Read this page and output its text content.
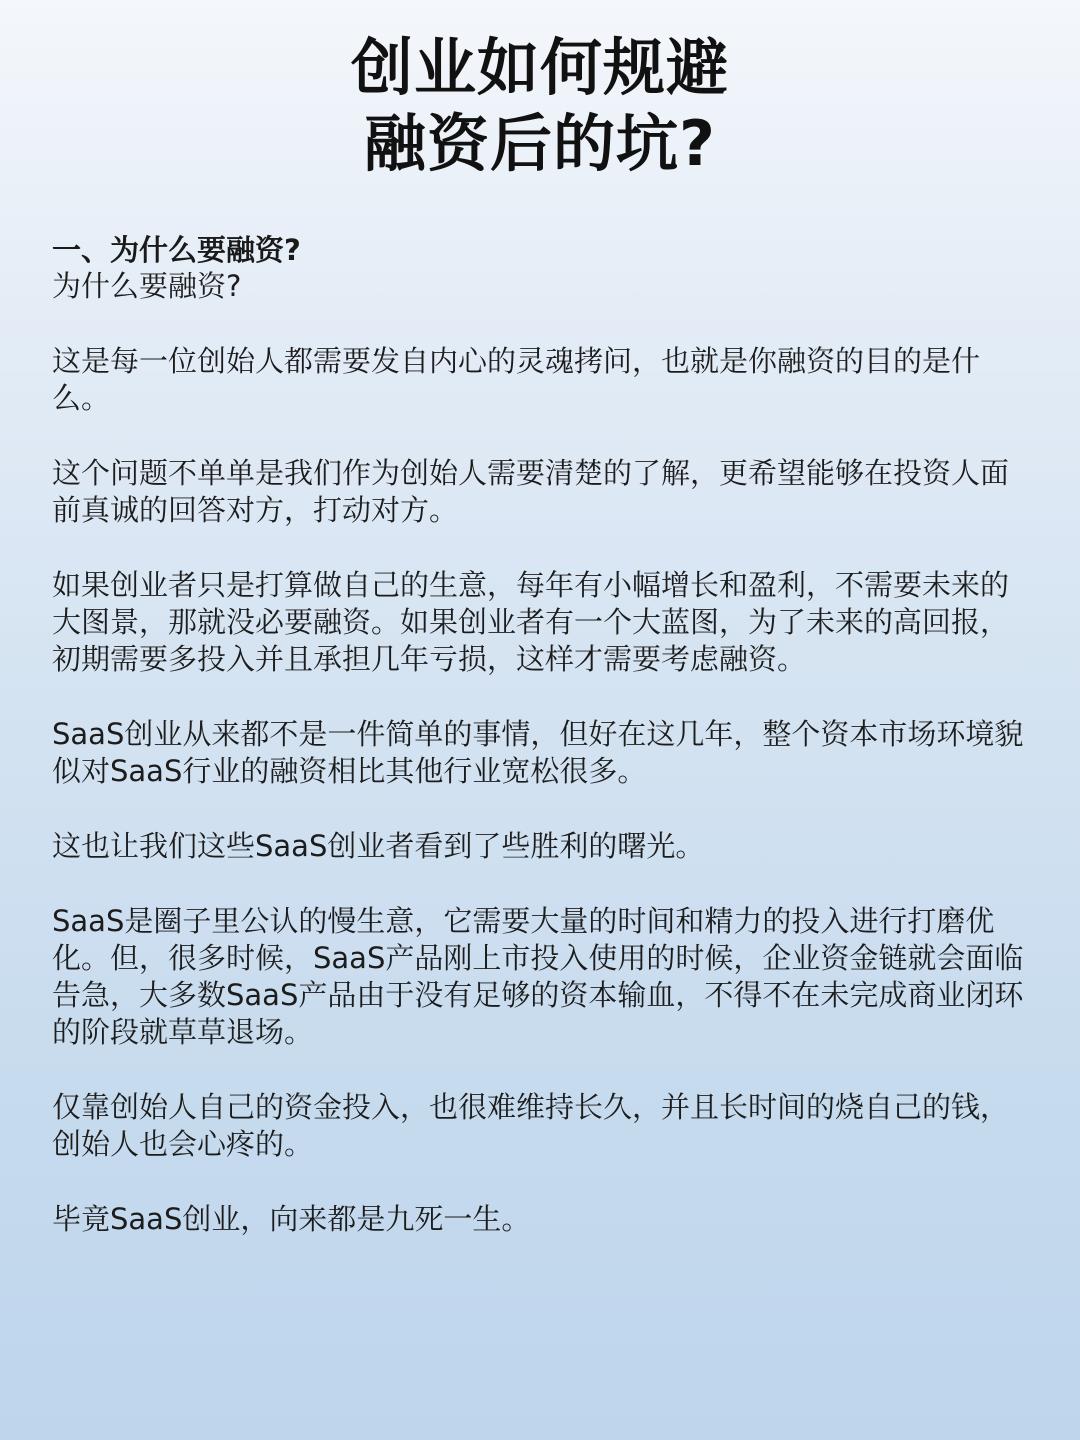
创业如何规避
融资后的坑?
一、为什么要融资?

为什么要融资?

这是每一位创始人都需要发自内心的灵魂拷问，也就是你融资的目的是什么。

这个问题不单单是我们作为创始人需要清楚的了解，更希望能够在投资人面前真诚的回答对方，打动对方。

如果创业者只是打算做自己的生意，每年有小幅增长和盈利，不需要未来的大图景，那就没必要融资。如果创业者有一个大蓝图，为了未来的高回报，初期需要多投入并且承担几年亏损，这样才需要考虑融资。

SaaS创业从来都不是一件简单的事情，但好在这几年，整个资本市场环境貌似对SaaS行业的融资相比其他行业宽松很多。

这也让我们这些SaaS创业者看到了些胜利的曙光。

SaaS是圈子里公认的慢生意，它需要大量的时间和精力的投入进行打磨优化。但，很多时候，SaaS产品刚上市投入使用的时候，企业资金链就会面临告急，大多数SaaS产品由于没有足够的资本输血，不得不在未完成商业闭环的阶段就草草退场。

仅靠创始人自己的资金投入，也很难维持长久，并且长时间的烧自己的钱，创始人也会心疼的。

毕竟SaaS创业，向来都是九死一生。
